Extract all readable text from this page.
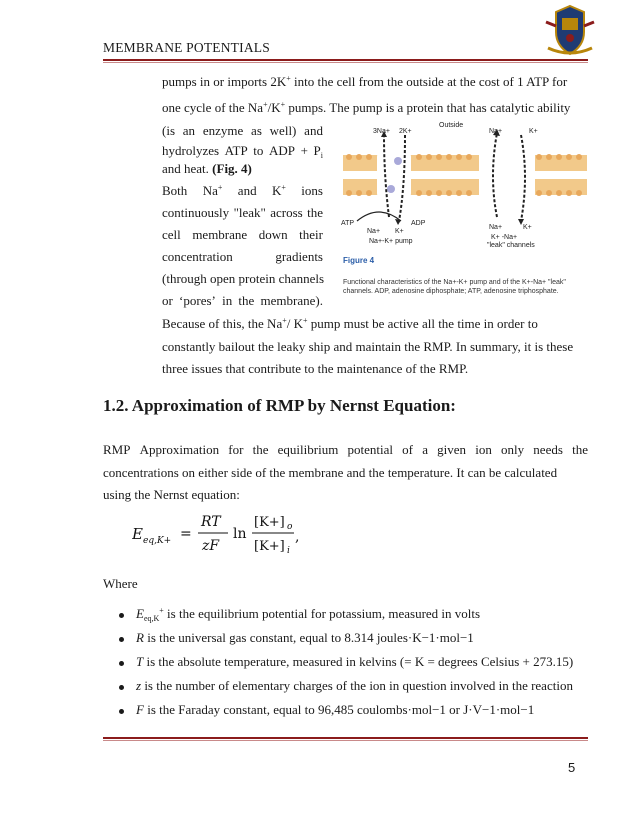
MEMBRANE POTENTIALS
pumps in or imports 2K+ into the cell from the outside at the cost of 1 ATP for
one cycle of the Na+/K+ pumps. The pump is a protein that has catalytic ability
(is an enzyme as well) and
hydrolyzes ATP to ADP + $P_i$
and heat. (Fig. 4)
Both Na+ and K+ ions
continuously "leak" across the
cell membrane down their
concentration	gradients
(through open protein channels
or ‘pores’ in the membrane).
Because of this, the Na+/ K+ pump must be active all the time in order to
constantly bailout the leaky ship and maintain the RMP. In summary, it is these
three issues that contribute to the maintenance of the RMP.
Outside
3Na+ 2K+	Na+	K+
ATP
Na+ K+
ADP
Na+-K+ pump
Na+	K+
K+ -Na+
"leak" channels
Figure 4
Functional characteristics of the Na+-K+ pump and of the K+-Na+ "leak" channels. ADP, adenosine diphosphate; ATP, adenosine triphosphate.
1.2. Approximation of RMP by Nernst Equation:
RMP Approximation for the equilibrium potential of a given ion only needs the
concentrations on either side of the membrane and the temperature. It can be calculated
using the Nernst equation:
E eq,K+ =
RT
zF
ln
[K+] o
[K+] i
,
Where
$E_{eq,K}^+$ is the equilibrium potential for potassium, measured in volts
R is the universal gas constant, equal to 8.314 joules·K−1·mol−1
T is the absolute temperature, measured in kelvins (= K = degrees Celsius + 273.15)
z is the number of elementary charges of the ion in question involved in the reaction
F is the Faraday constant, equal to 96,485 coulombs·mol−1 or J·V−1·mol−1
5
